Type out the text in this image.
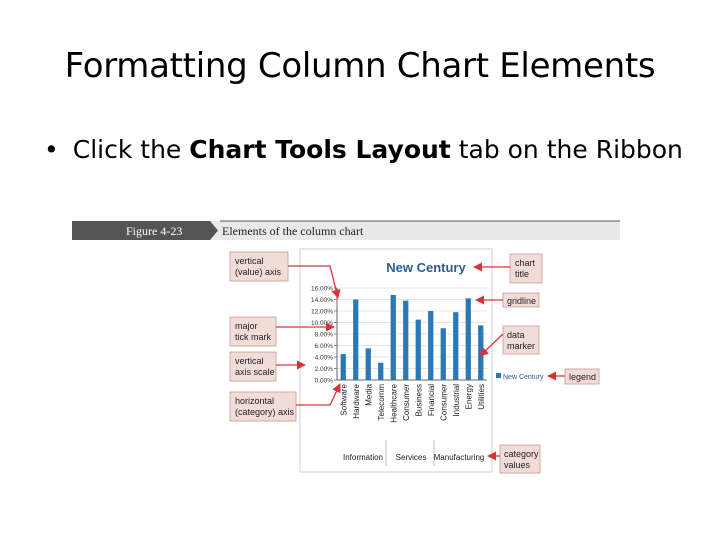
Formatting Column Chart Elements
• Click the Chart Tools Layout tab on the Ribbon
Figure 4-23	Elements of the column chart
New Century
0.00%
2.00%
4.00%
6.00%
8.00%
10.00%
12.00%
14.00%
16.00%
Software Hardware Media Telecomm Healthcare Consumer Business Financial Consumer Industrial Energy Utilities
Information Services Manufacturing
New Century
vertical
(value) axis
major
tick mark
vertical
axis scale
horizontal
(category) axis
chart
title
gridline
data
marker
legend
category
values
